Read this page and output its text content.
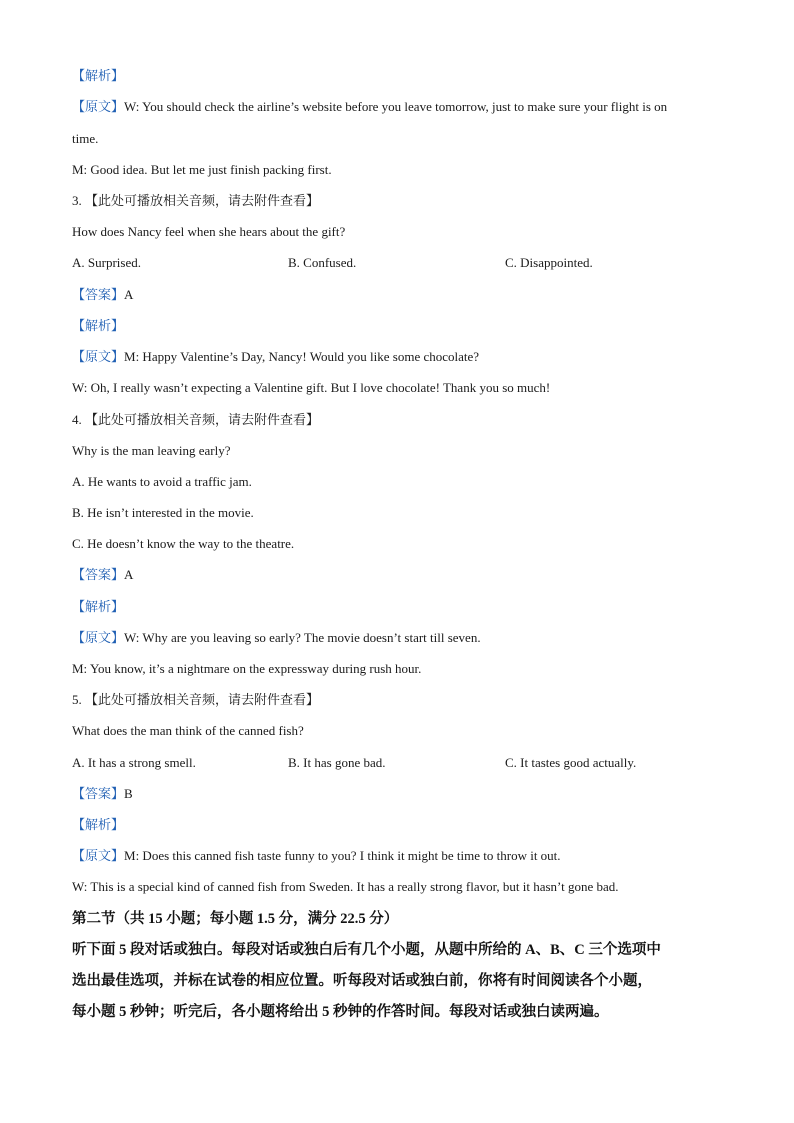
【解析】
【原文】W: You should check the airline’s website before you leave tomorrow, just to make sure your flight is on
time.
M: Good idea. But let me just finish packing first.
3. 【此处可播放相关音频，请去附件查看】
How does Nancy feel when she hears about the gift?
A. Surprised.	B. Confused.	C. Disappointed.
【答案】A
【解析】
【原文】M: Happy Valentine’s Day, Nancy! Would you like some chocolate?
W: Oh, I really wasn’t expecting a Valentine gift. But I love chocolate! Thank you so much!
4. 【此处可播放相关音频，请去附件查看】
Why is the man leaving early?
A. He wants to avoid a traffic jam.
B. He isn’t interested in the movie.
C. He doesn’t know the way to the theatre.
【答案】A
【解析】
【原文】W: Why are you leaving so early? The movie doesn’t start till seven.
M: You know, it’s a nightmare on the expressway during rush hour.
5. 【此处可播放相关音频，请去附件查看】
What does the man think of the canned fish?
A. It has a strong smell.	B. It has gone bad.	C. It tastes good actually.
【答案】B
【解析】
【原文】M: Does this canned fish taste funny to you? I think it might be time to throw it out.
W: This is a special kind of canned fish from Sweden. It has a really strong flavor, but it hasn’t gone bad.
第二节（共 15 小题；每小题 1.5 分，满分 22.5 分）
听下面 5 段对话或独白。每段对话或独白后有几个小题，从题中所给的 A、B、C 三个选项中
选出最佳选项，并标在试卷的相应位置。听每段对话或独白前，你将有时间阅读各个小题，
每小题 5 秒钟；听完后，各小题将给出 5 秒钟的作答时间。每段对话或独白读两遍。
